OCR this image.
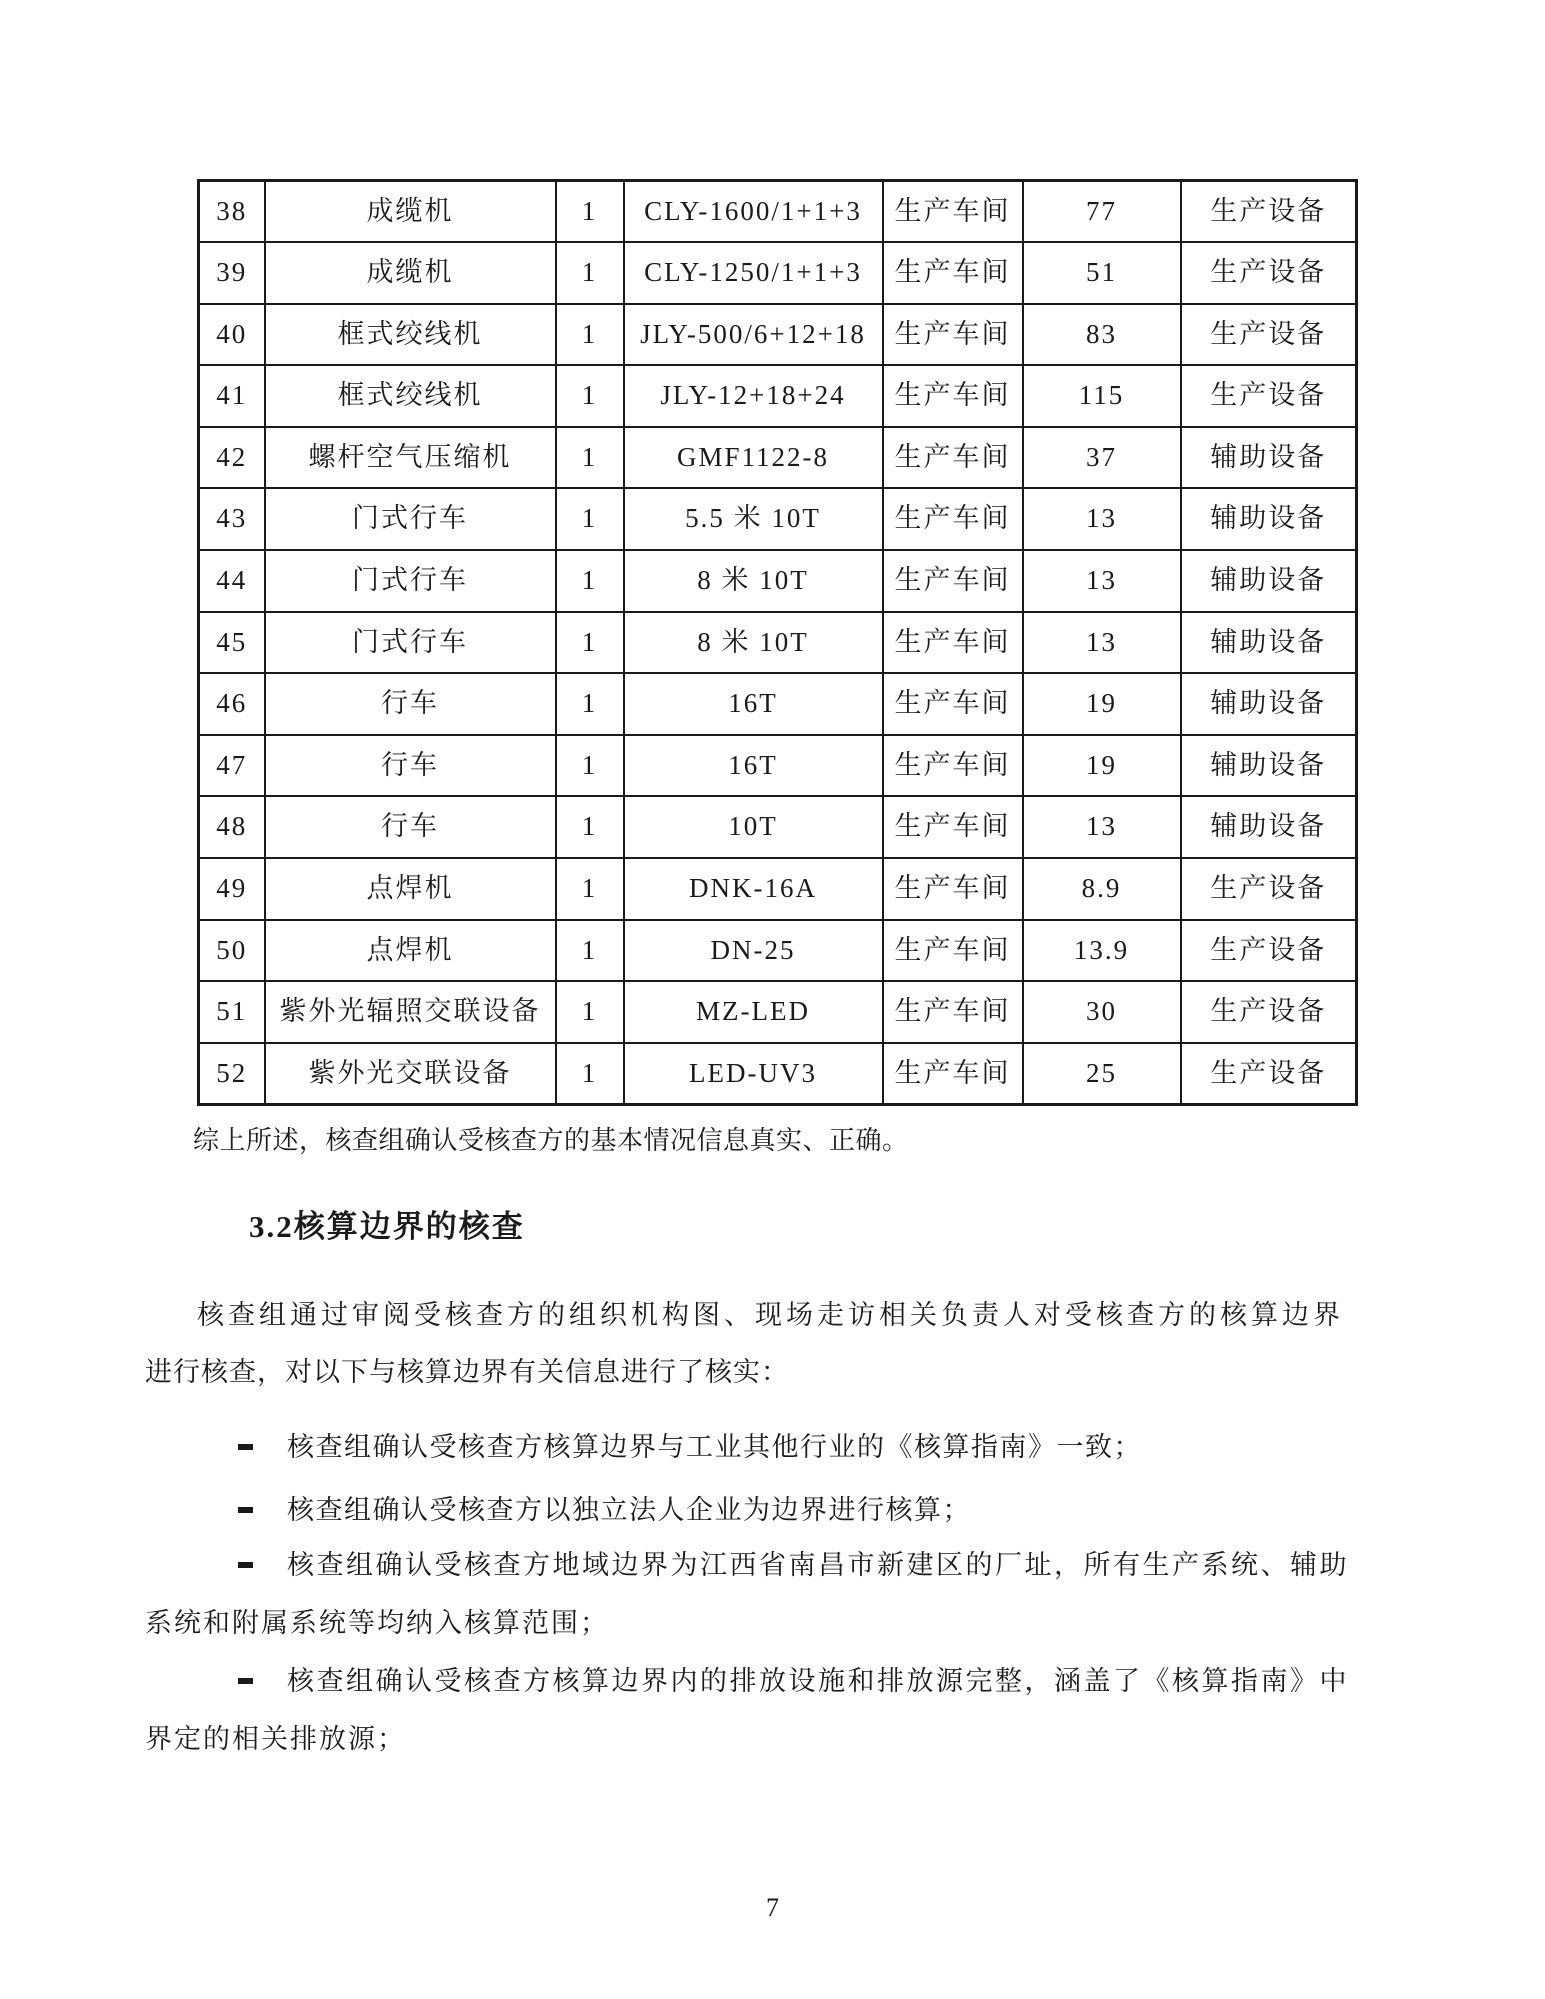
38	成缆机	1	CLY-1600/1+1+3	生产车间	77	生产设备
39	成缆机	1	CLY-1250/1+1+3	生产车间	51	生产设备
40	框式绞线机	1	JLY-500/6+12+18	生产车间	83	生产设备
41	框式绞线机	1	JLY-12+18+24	生产车间	115	生产设备
42	螺杆空气压缩机	1	GMF1122-8	生产车间	37	辅助设备
43	门式行车	1	5.5 米 10T	生产车间	13	辅助设备
44	门式行车	1	8 米 10T	生产车间	13	辅助设备
45	门式行车	1	8 米 10T	生产车间	13	辅助设备
46	行车	1	16T	生产车间	19	辅助设备
47	行车	1	16T	生产车间	19	辅助设备
48	行车	1	10T	生产车间	13	辅助设备
49	点焊机	1	DNK-16A	生产车间	8.9	生产设备
50	点焊机	1	DN-25	生产车间	13.9	生产设备
51	紫外光辐照交联设备	1	MZ-LED	生产车间	30	生产设备
52	紫外光交联设备	1	LED-UV3	生产车间	25	生产设备
综上所述，核查组确认受核查方的基本情况信息真实、正确。
3.2核算边界的核查
核查组通过审阅受核查方的组织机构图、现场走访相关负责人对受核查方的核算边界
进行核查，对以下与核算边界有关信息进行了核实：
核查组确认受核查方核算边界与工业其他行业的《核算指南》一致；
核查组确认受核查方以独立法人企业为边界进行核算；
核查组确认受核查方地域边界为江西省南昌市新建区的厂址，所有生产系统、辅助
系统和附属系统等均纳入核算范围；
核查组确认受核查方核算边界内的排放设施和排放源完整，涵盖了《核算指南》中
界定的相关排放源；
7
